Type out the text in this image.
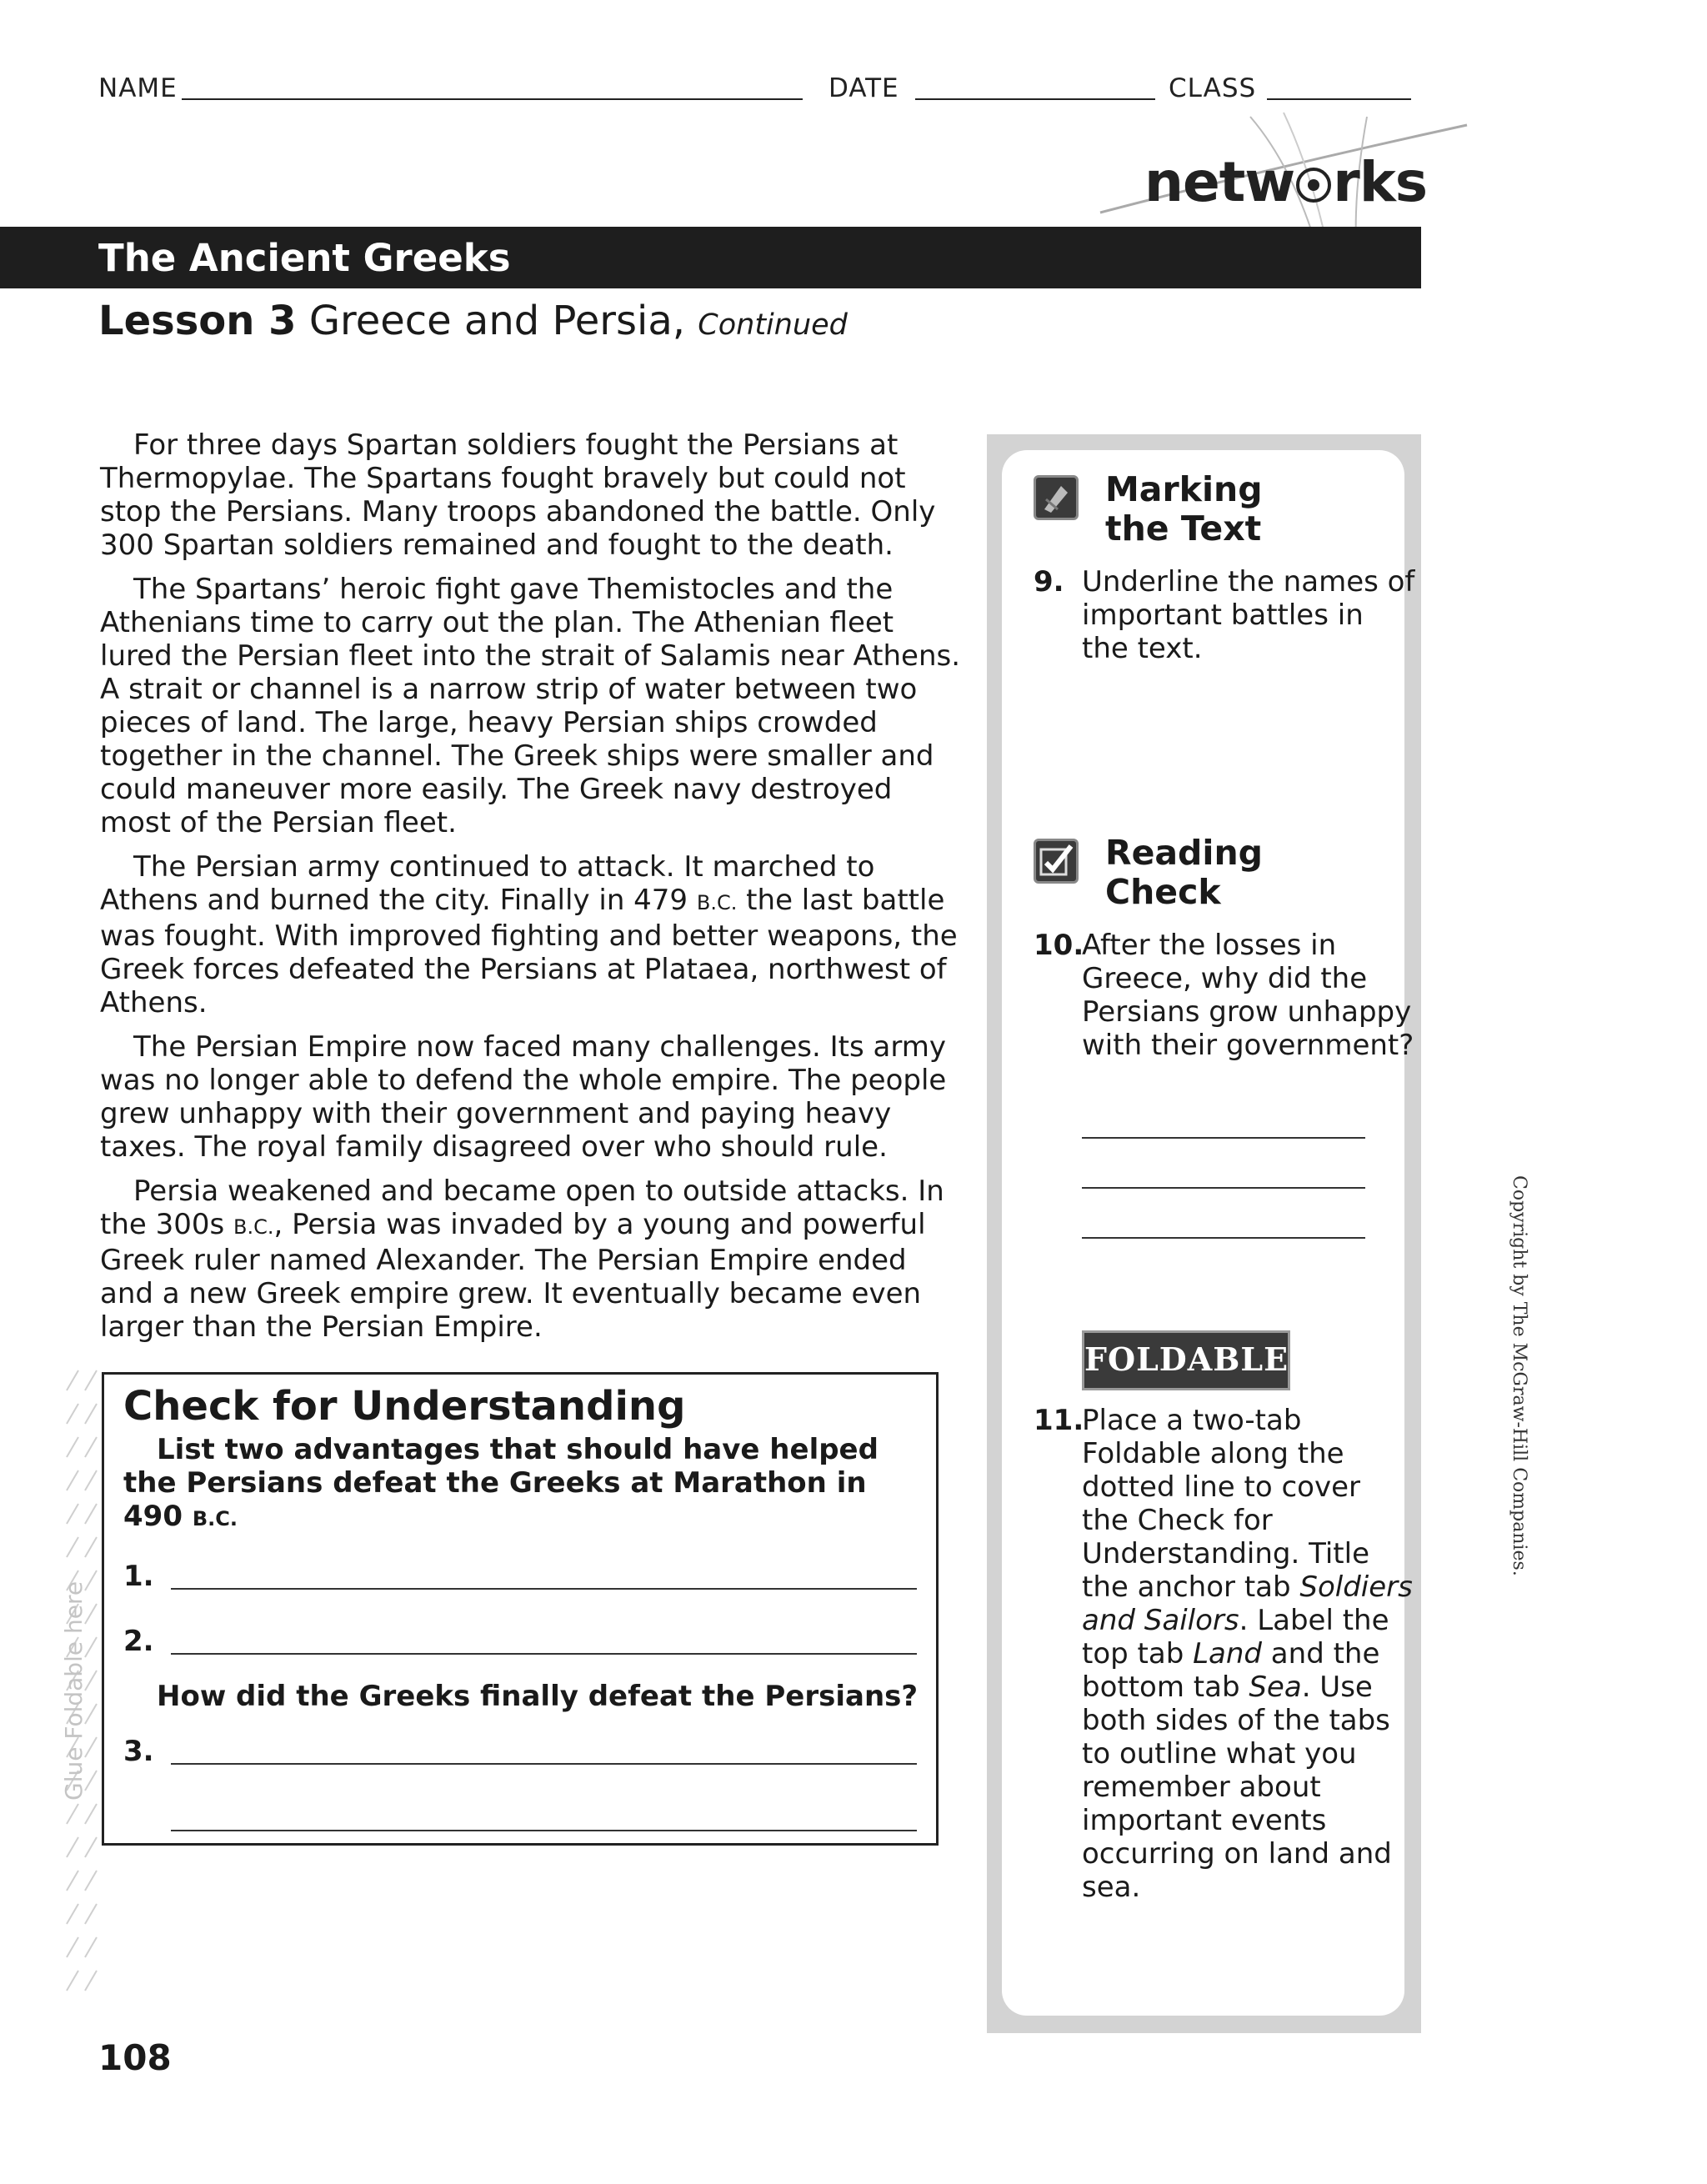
NAME	DATE	CLASS
netw rks
The Ancient Greeks
Lesson 3 Greece and Persia, Continued

For three days Spartan soldiers fought the Persians at Thermopylae. The Spartans fought bravely but could not stop the Persians. Many troops abandoned the battle. Only 300 Spartan soldiers remained and fought to the death.

The Spartans’ heroic fight gave Themistocles and the Athenians time to carry out the plan. The Athenian fleet lured the Persian fleet into the strait of Salamis near Athens. A strait or channel is a narrow strip of water between two pieces of land. The large, heavy Persian ships crowded together in the channel. The Greek ships were smaller and could maneuver more easily. The Greek navy destroyed most of the Persian fleet.

The Persian army continued to attack. It marched to Athens and burned the city. Finally in 479 B.C. the last battle was fought. With improved fighting and better weapons, the Greek forces defeated the Persians at Plataea, northwest of Athens.

The Persian Empire now faced many challenges. Its army was no longer able to defend the whole empire. The people grew unhappy with their government and paying heavy taxes. The royal family disagreed over who should rule.

Persia weakened and became open to outside attacks. In the 300s B.C., Persia was invaded by a young and powerful Greek ruler named Alexander. The Persian Empire ended and a new Greek empire grew. It eventually became even larger than the Persian Empire.

Glue Foldable here
Check for Understanding
List two advantages that should have helped the Persians defeat the Greeks at Marathon in 490 B.C.
1.
2.
How did the Greeks finally defeat the Persians?
3.
Marking
the Text
9. Underline the names of important battles in the text.
Reading
Check
10.
After the losses in Greece, why did the Persians grow unhappy with their government?
FOLDABLES®
11.
Place a two-tab Foldable along the dotted line to cover the Check for Understanding. Title the anchor tab Soldiers and Sailors. Label the top tab Land and the bottom tab Sea. Use both sides of the tabs to outline what you remember about important events occurring on land and sea.
Copyright by The McGraw-Hill Companies.
108
